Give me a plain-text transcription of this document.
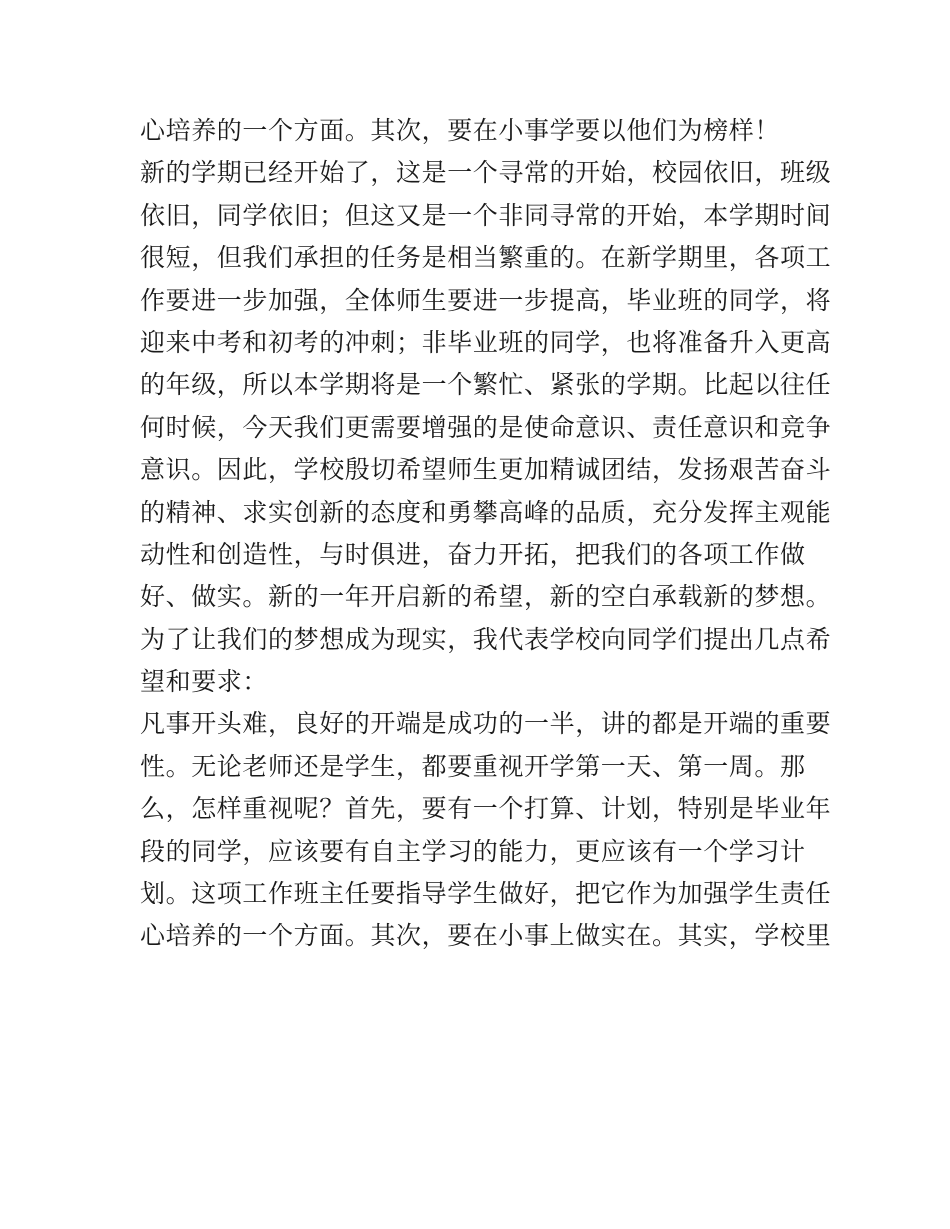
心培养的一个方面。其次，要在小事学要以他们为榜样！
新的学期已经开始了，这是一个寻常的开始，校园依旧，班级
依旧，同学依旧；但这又是一个非同寻常的开始，本学期时间
很短，但我们承担的任务是相当繁重的。在新学期里，各项工
作要进一步加强，全体师生要进一步提高，毕业班的同学，将
迎来中考和初考的冲刺；非毕业班的同学，也将准备升入更高
的年级，所以本学期将是一个繁忙、紧张的学期。比起以往任
何时候，今天我们更需要增强的是使命意识、责任意识和竞争
意识。因此，学校殷切希望师生更加精诚团结，发扬艰苦奋斗
的精神、求实创新的态度和勇攀高峰的品质，充分发挥主观能
动性和创造性，与时俱进，奋力开拓，把我们的各项工作做
好、做实。新的一年开启新的希望，新的空白承载新的梦想。
为了让我们的梦想成为现实，我代表学校向同学们提出几点希
望和要求：
凡事开头难，良好的开端是成功的一半，讲的都是开端的重要
性。无论老师还是学生，都要重视开学第一天、第一周。那
么，怎样重视呢？首先，要有一个打算、计划，特别是毕业年
段的同学，应该要有自主学习的能力，更应该有一个学习计
划。这项工作班主任要指导学生做好，把它作为加强学生责任
心培养的一个方面。其次，要在小事上做实在。其实，学校里
